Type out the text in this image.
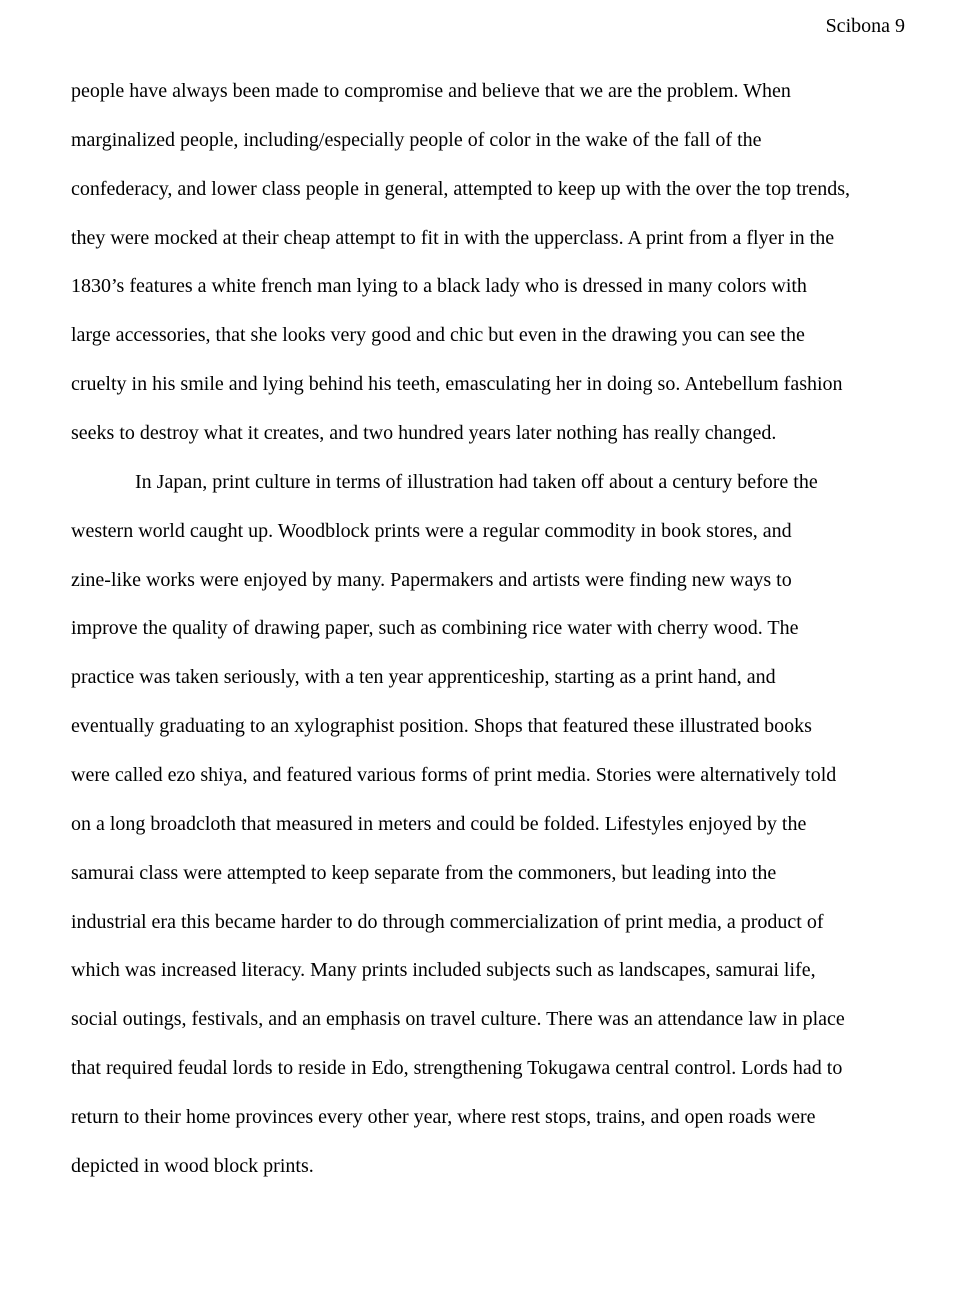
Scibona 9
people have always been made to compromise and believe that we are the problem. When
marginalized people, including/especially people of color in the wake of the fall of the
confederacy, and lower class people in general, attempted to keep up with the over the top trends,
they were mocked at their cheap attempt to fit in with the upperclass. A print from a flyer in the
1830’s features a white french man lying to a black lady who is dressed in many colors with
large accessories, that she looks very good and chic but even in the drawing you can see the
cruelty in his smile and lying behind his teeth, emasculating her in doing so. Antebellum fashion
seeks to destroy what it creates, and two hundred years later nothing has really changed.
In Japan, print culture in terms of illustration had taken off about a century before the
western world caught up. Woodblock prints were a regular commodity in book stores, and
zine-like works were enjoyed by many. Papermakers and artists were finding new ways to
improve the quality of drawing paper, such as combining rice water with cherry wood. The
practice was taken seriously, with a ten year apprenticeship, starting as a print hand, and
eventually graduating to an xylographist position. Shops that featured these illustrated books
were called ezo shiya, and featured various forms of print media. Stories were alternatively told
on a long broadcloth that measured in meters and could be folded. Lifestyles enjoyed by the
samurai class were attempted to keep separate from the commoners, but leading into the
industrial era this became harder to do through commercialization of print media, a product of
which was increased literacy. Many prints included subjects such as landscapes, samurai life,
social outings, festivals, and an emphasis on travel culture. There was an attendance law in place
that required feudal lords to reside in Edo, strengthening Tokugawa central control. Lords had to
return to their home provinces every other year, where rest stops, trains, and open roads were
depicted in wood block prints.
